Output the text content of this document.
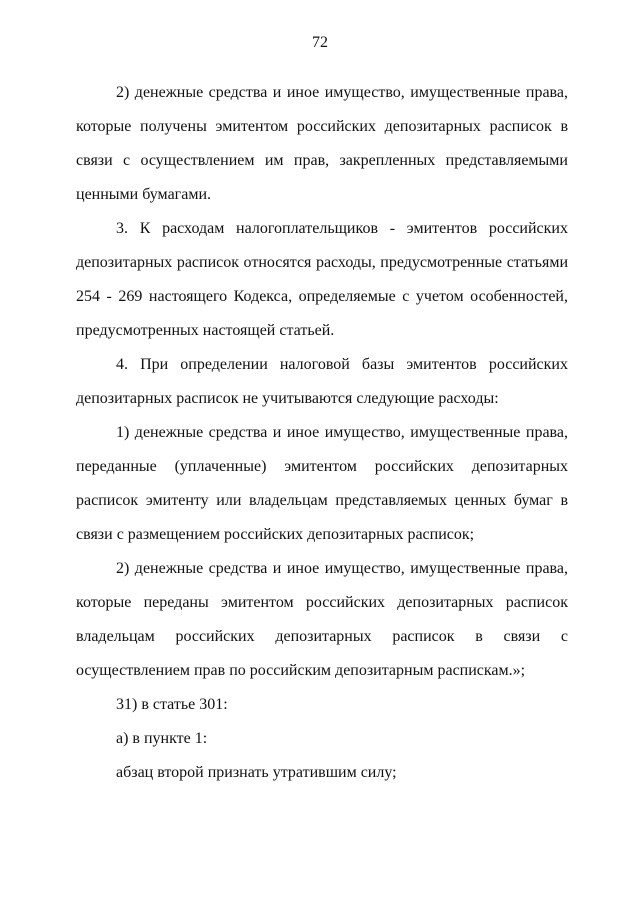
72

2) денежные средства и иное имущество, имущественные права, которые получены эмитентом российских депозитарных расписок в связи с осуществлением им прав, закрепленных представляемыми ценными бумагами.

3. К расходам налогоплательщиков - эмитентов российских депозитарных расписок относятся расходы, предусмотренные статьями 254 - 269 настоящего Кодекса, определяемые с учетом особенностей, предусмотренных настоящей статьей.

4. При определении налоговой базы эмитентов российских депозитарных расписок не учитываются следующие расходы:

1) денежные средства и иное имущество, имущественные права, переданные (уплаченные) эмитентом российских депозитарных расписок эмитенту или владельцам представляемых ценных бумаг в связи с размещением российских депозитарных расписок;

2) денежные средства и иное имущество, имущественные права, которые переданы эмитентом российских депозитарных расписок владельцам российских депозитарных расписок в связи с осуществлением прав по российским депозитарным распискам.»;

31) в статье 301:

а) в пункте 1:

абзац второй признать утратившим силу;
